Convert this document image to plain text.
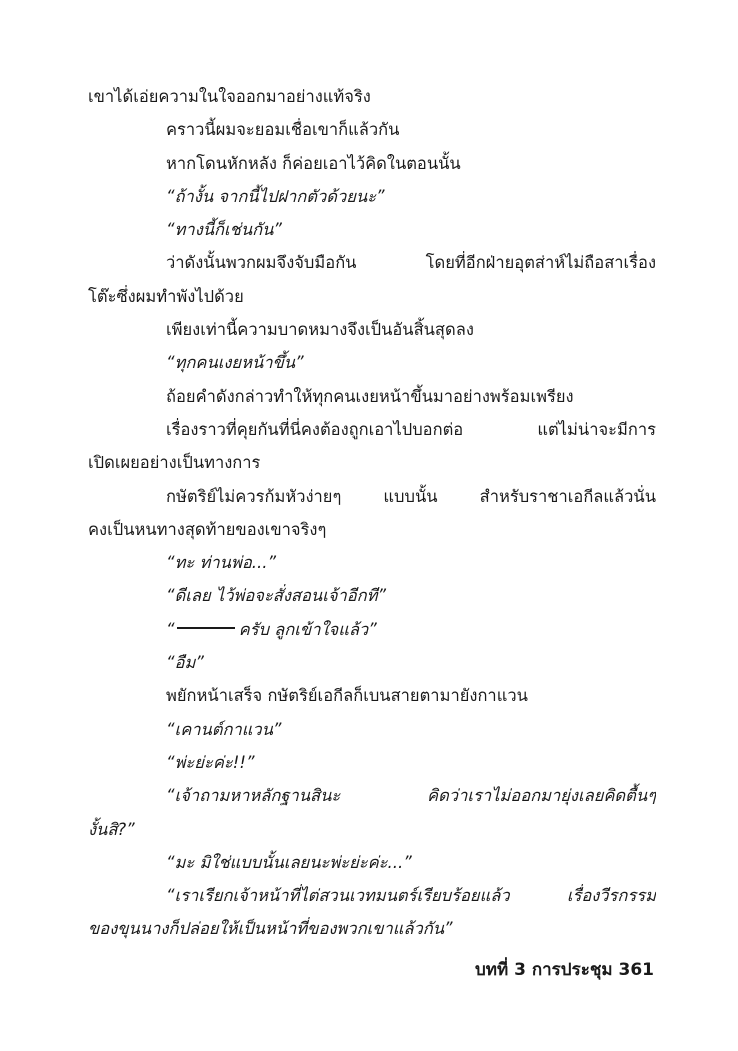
เขาได้เอ่ยความในใจออกมาอย่างแท้จริง
คราวนี้ผมจะยอมเชื่อเขาก็แล้วกัน
หากโดนหักหลัง ก็ค่อยเอาไว้คิดในตอนนั้น
“ถ้างั้น จากนี้ไปฝากตัวด้วยนะ”
“ทางนี้ก็เช่นกัน”
ว่าดังนั้นพวกผมจึงจับมือกัน โดยที่อีกฝ่ายอุตส่าห์ไม่ถือสาเรื่อง
โต๊ะซึ่งผมทำพังไปด้วย
เพียงเท่านี้ความบาดหมางจึงเป็นอันสิ้นสุดลง
“ทุกคนเงยหน้าขึ้น”
ถ้อยคำดังกล่าวทำให้ทุกคนเงยหน้าขึ้นมาอย่างพร้อมเพรียง
เรื่องราวที่คุยกันที่นี่คงต้องถูกเอาไปบอกต่อ แต่ไม่น่าจะมีการ
เปิดเผยอย่างเป็นทางการ
กษัตริย์ไม่ควรก้มหัวง่ายๆ แบบนั้น สำหรับราชาเอกีลแล้วนั่น
คงเป็นหนทางสุดท้ายของเขาจริงๆ
“ทะ ท่านพ่อ...”
“ดีเลย ไว้พ่อจะสั่งสอนเจ้าอีกที”
“	ครับ ลูกเข้าใจแล้ว”
“อืม”
พยักหน้าเสร็จ กษัตริย์เอกีลก็เบนสายตามายังกาแวน
“เคานต์กาแวน”
“พ่ะย่ะค่ะ!!”
“เจ้าถามหาหลักฐานสินะ คิดว่าเราไม่ออกมายุ่งเลยคิดตื้นๆ
งั้นสิ?”
“มะ มิใช่แบบนั้นเลยนะพ่ะย่ะค่ะ...”
“เราเรียกเจ้าหน้าที่ไต่สวนเวทมนตร์เรียบร้อยแล้ว เรื่องวีรกรรม
ของขุนนางก็ปล่อยให้เป็นหน้าที่ของพวกเขาแล้วกัน”
บทที่ 3 การประชุม 361
